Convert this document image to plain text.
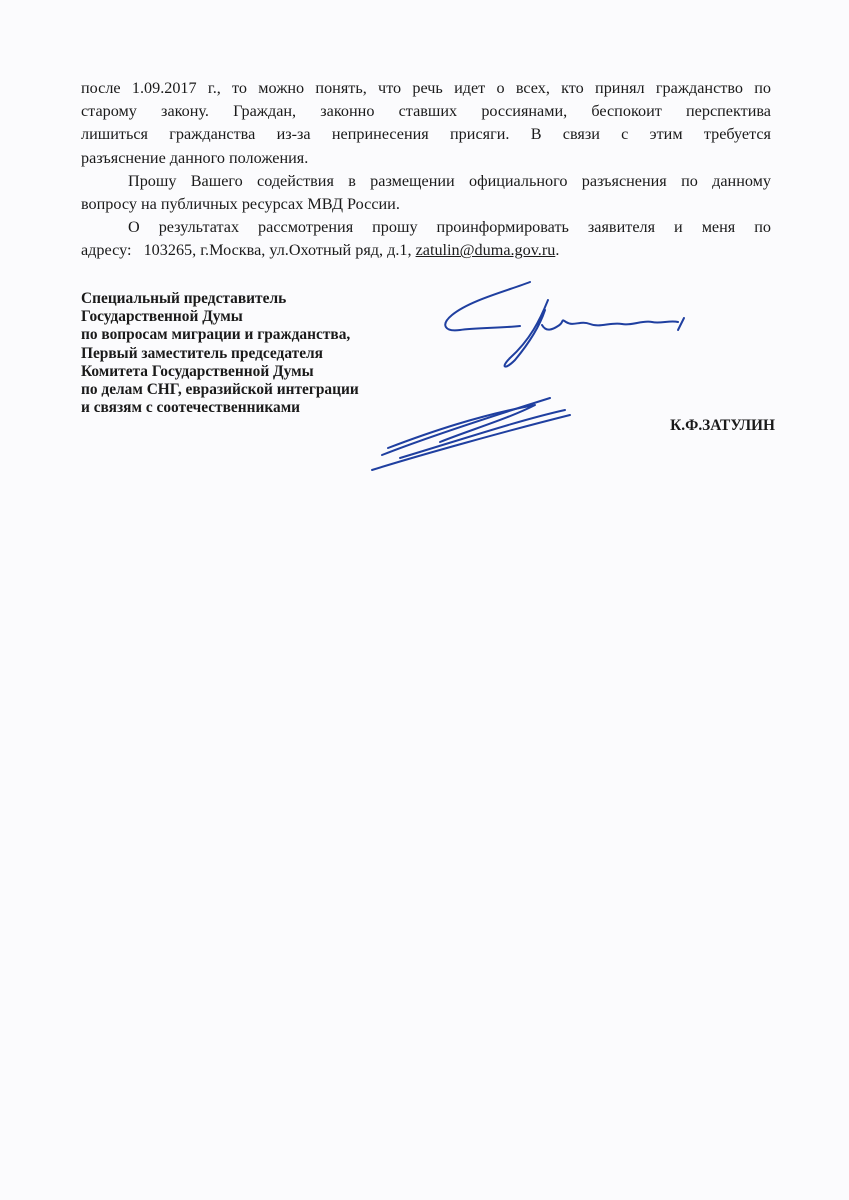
после 1.09.2017 г., то можно понять, что речь идет о всех, кто принял гражданство по
старому закону. Граждан, законно ставших россиянами, беспокоит перспектива
лишиться гражданства из-за непринесения присяги. В связи с этим требуется
разъяснение данного положения.
Прошу Вашего содействия в размещении официального разъяснения по данному
вопросу на публичных ресурсах МВД России.
О результатах рассмотрения прошу проинформировать заявителя и меня по
адресу:   103265, г.Москва, ул.Охотный ряд, д.1, zatulin@duma.gov.ru.
Специальный представитель
Государственной Думы
по вопросам миграции и гражданства,
Первый заместитель председателя
Комитета Государственной Думы
по делам СНГ, евразийской интеграции
и связям с соотечественниками
К.Ф.ЗАТУЛИН
